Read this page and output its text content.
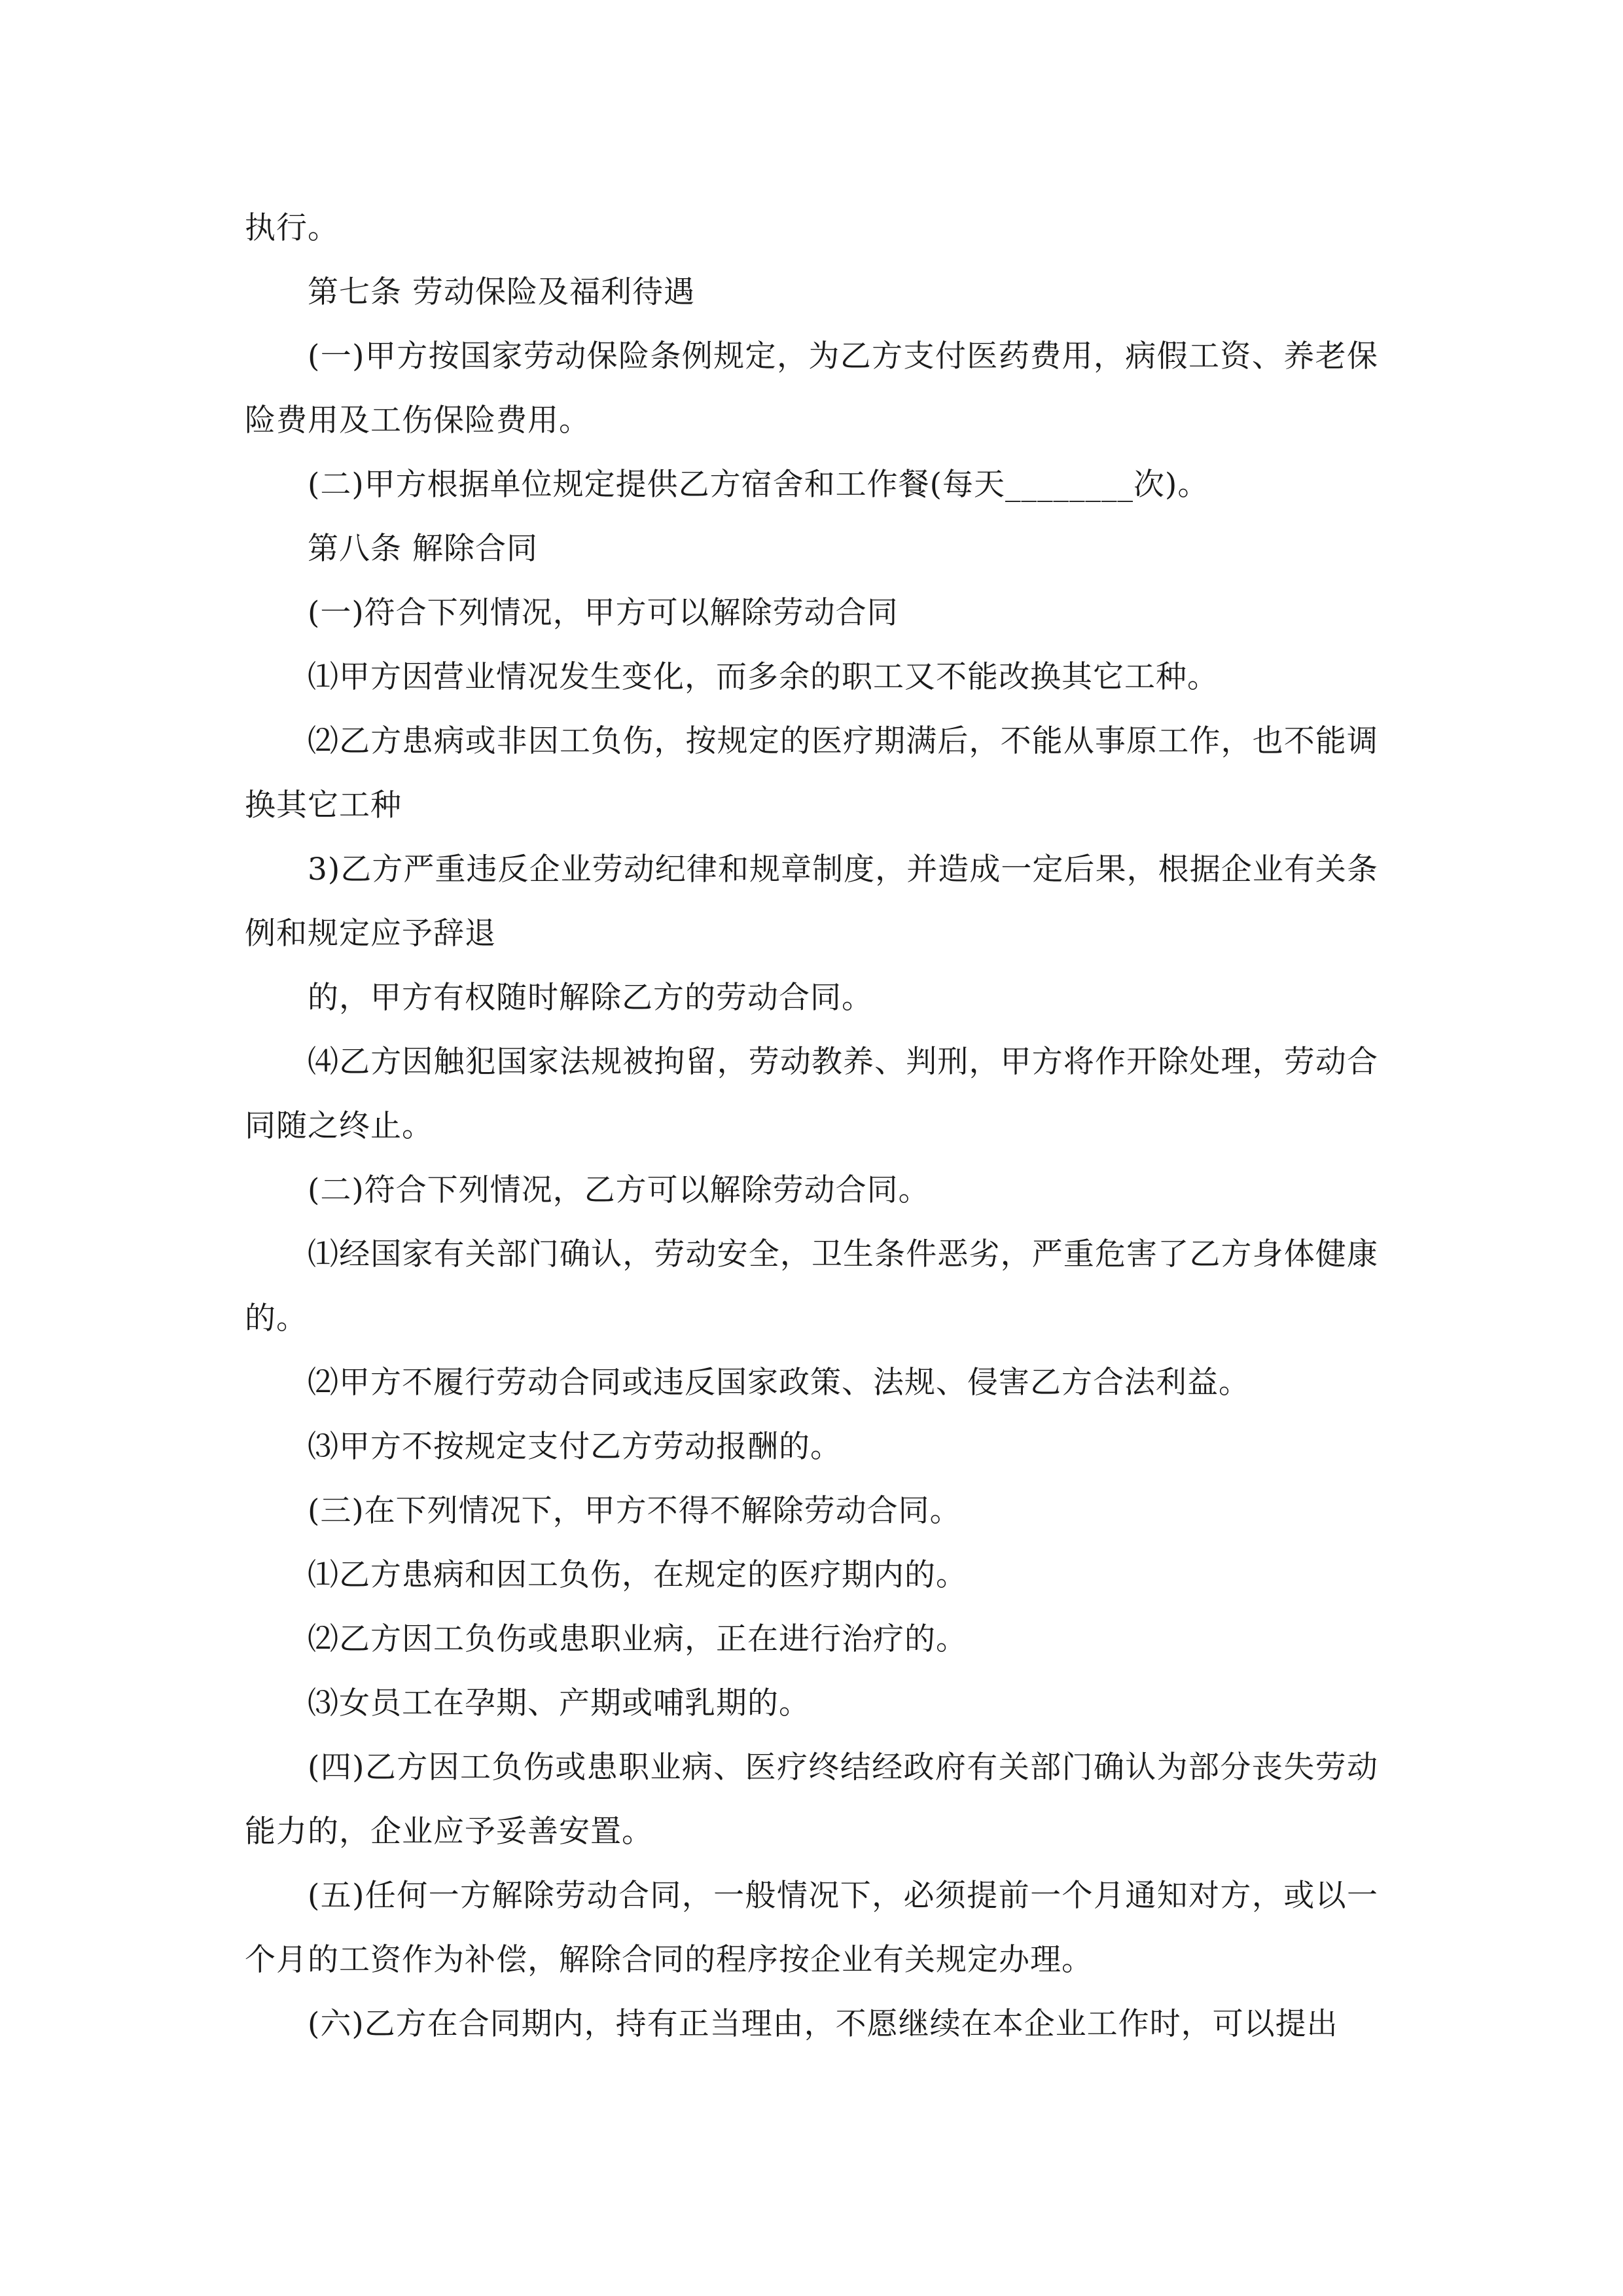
执行。

第七条 劳动保险及福利待遇

(一)甲方按国家劳动保险条例规定，为乙方支付医药费用，病假工资、养老保险费用及工伤保险费用。

(二)甲方根据单位规定提供乙方宿舍和工作餐(每天________次)。

第八条 解除合同

(一)符合下列情况，甲方可以解除劳动合同

⑴甲方因营业情况发生变化，而多余的职工又不能改换其它工种。

⑵乙方患病或非因工负伤，按规定的医疗期满后，不能从事原工作，也不能调换其它工种

3)乙方严重违反企业劳动纪律和规章制度，并造成一定后果，根据企业有关条例和规定应予辞退

的，甲方有权随时解除乙方的劳动合同。

⑷乙方因触犯国家法规被拘留，劳动教养、判刑，甲方将作开除处理，劳动合同随之终止。

(二)符合下列情况，乙方可以解除劳动合同。

⑴经国家有关部门确认，劳动安全，卫生条件恶劣，严重危害了乙方身体健康的。

⑵甲方不履行劳动合同或违反国家政策、法规、侵害乙方合法利益。

⑶甲方不按规定支付乙方劳动报酬的。

(三)在下列情况下，甲方不得不解除劳动合同。

⑴乙方患病和因工负伤，在规定的医疗期内的。

⑵乙方因工负伤或患职业病，正在进行治疗的。

⑶女员工在孕期、产期或哺乳期的。

(四)乙方因工负伤或患职业病、医疗终结经政府有关部门确认为部分丧失劳动能力的，企业应予妥善安置。

(五)任何一方解除劳动合同，一般情况下，必须提前一个月通知对方，或以一个月的工资作为补偿，解除合同的程序按企业有关规定办理。

(六)乙方在合同期内，持有正当理由，不愿继续在本企业工作时，可以提出
